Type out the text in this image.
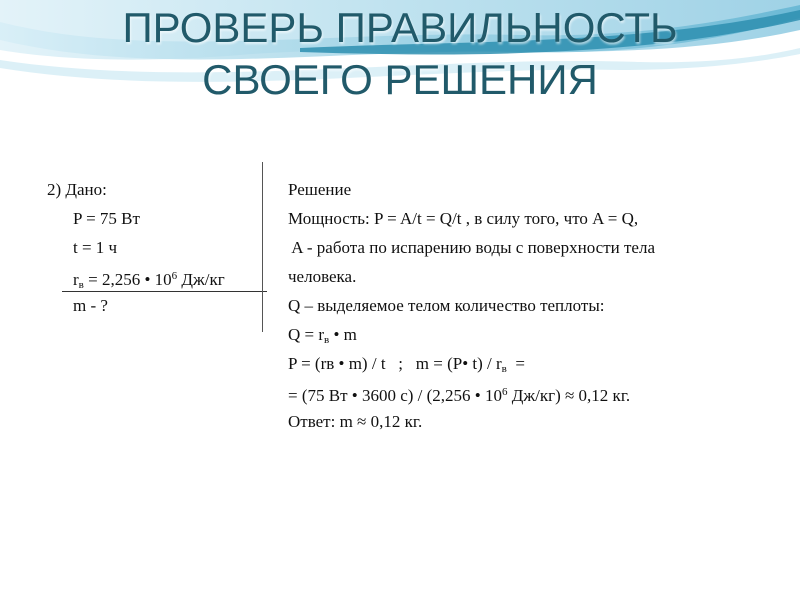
ПРОВЕРЬ ПРАВИЛЬНОСТЬ
СВОЕГО РЕШЕНИЯ
2) Дано:
P = 75 Вт
t = 1 ч
$r_в = 2,256$ • $10^6$ Дж/кг
m - ?
Решение
Мощность: P = A/t = Q/t , в силу того, что A = Q,
A - работа по испарению воды с поверхности тела
человека.
Q – выделяемое телом количество теплоты:
$Q = r_в$ • m
P = (rв • m) / t   ;   m = (P• $t) / r_в$  =
= (75 Вт • 3600 с) / (2,256 • $10^6$ Дж/кг) ≈ 0,12 кг.
Ответ: m ≈ 0,12 кг.
